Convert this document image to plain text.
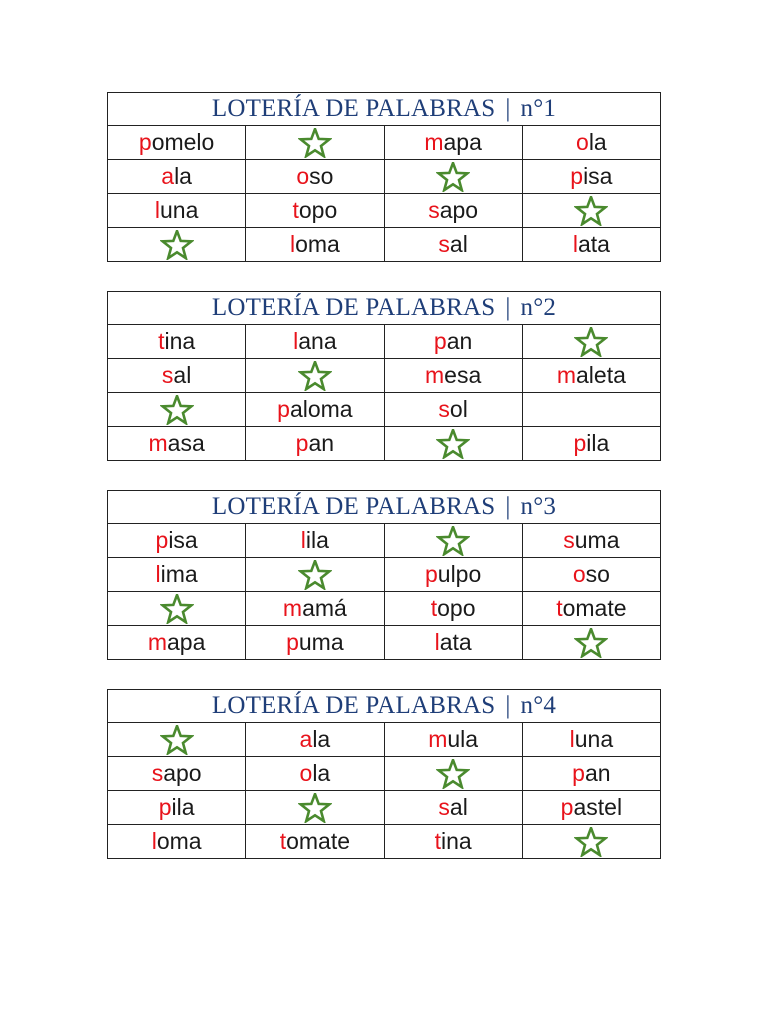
LOTERÍA DE PALABRAS | n°1			
pomelo		mapa	ola
ala	oso		pisa
luna	topo	sapo	

	loma	sal	lata
LOTERÍA DE PALABRAS | n°2			
tina	lana	pan	

sal		mesa	maleta

	paloma	sol	
masa	pan		pila
LOTERÍA DE PALABRAS | n°3			
pisa	lila		suma
lima		pulpo	oso

	mamá	topo	tomate
mapa	puma	lata	
LOTERÍA DE PALABRAS | n°4			

	ala	mula	luna
sapo	ola		pan
pila		sal	pastel
loma	tomate	tina	
